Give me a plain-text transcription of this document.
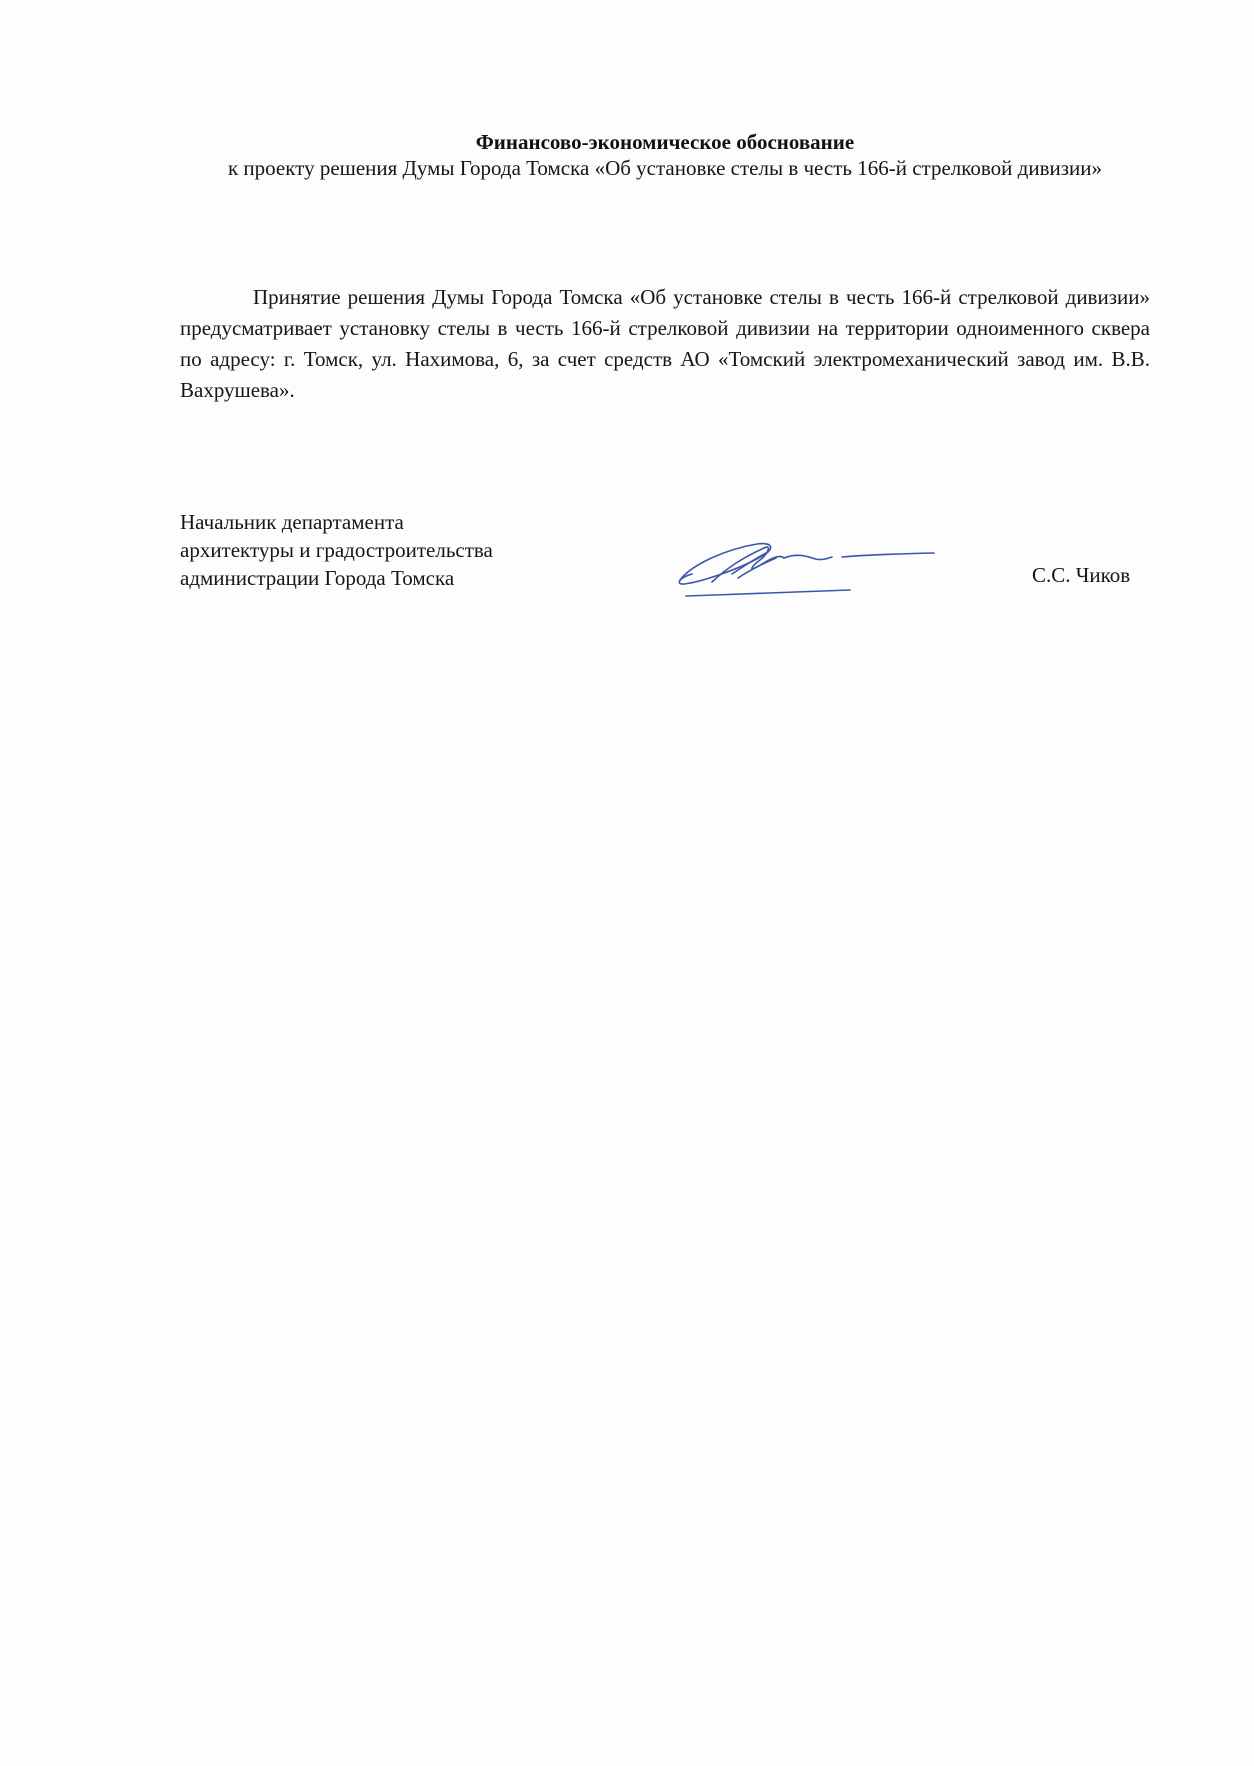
Финансово-экономическое обоснование
к проекту решения Думы Города Томска «Об установке стелы в честь 166-й стрелковой дивизии»
Принятие решения Думы Города Томска «Об установке стелы в честь 166-й стрелковой дивизии» предусматривает установку стелы в честь 166-й стрелковой дивизии на территории одноименного сквера по адресу: г. Томск, ул. Нахимова, 6, за счет средств АО «Томский электромеханический завод им. В.В. Вахрушева».
Начальник департамента
архитектуры и градостроительства
администрации Города Томска	С.С. Чиков
